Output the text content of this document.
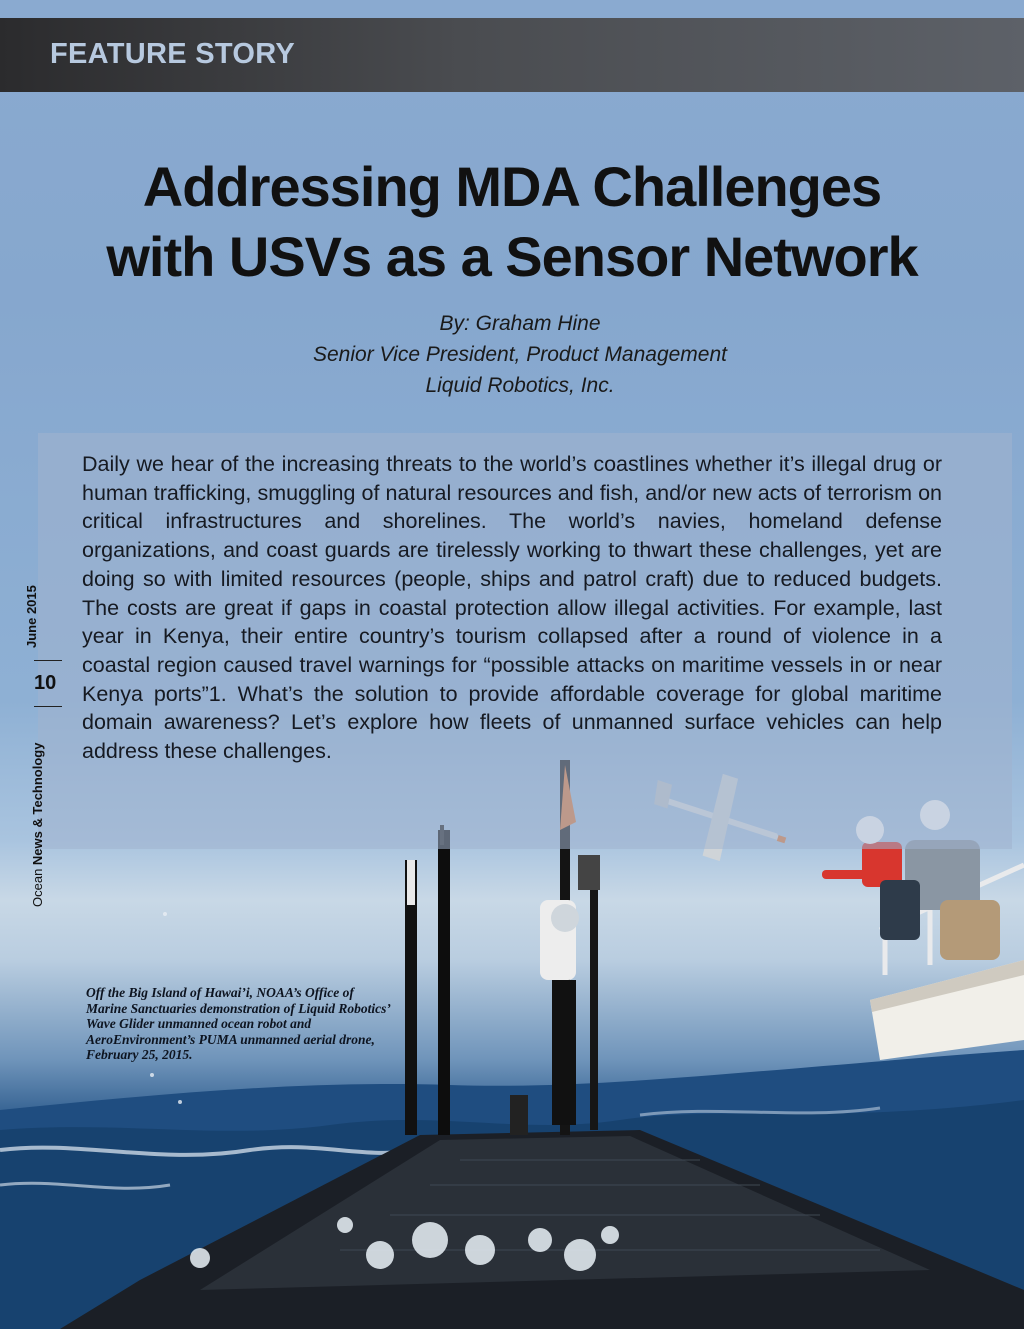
FEATURE STORY
Addressing MDA Challenges
with USVs as a Sensor Network
By: Graham Hine
Senior Vice President, Product Management
Liquid Robotics, Inc.

Daily we hear of the increasing threats to the world’s coastlines whether it’s illegal drug or human trafficking, smuggling of natural resources and fish, and/or new acts of terrorism on critical infrastructures and shorelines. The world’s navies, homeland defense organizations, and coast guards are tirelessly working to thwart these challenges, yet are doing so with limited resources (people, ships and patrol craft) due to reduced budgets. The costs are great if gaps in coastal protection allow illegal activities. For example, last year in Kenya, their entire country’s tourism collapsed after a round of violence in a coastal region caused travel warnings for “possible attacks on maritime vessels in or near Kenya ports”1. What’s the solution to provide affordable coverage for global maritime domain awareness? Let’s explore how fleets of unmanned surface vehicles can help address these challenges.

June 2015
10
Ocean News & Technology
Off the Big Island of Hawai’i, NOAA’s Office of Marine Sanctuaries demonstration of Liquid Robotics’ Wave Glider unmanned ocean robot and AeroEnvironment’s PUMA unmanned aerial drone, February 25, 2015.
